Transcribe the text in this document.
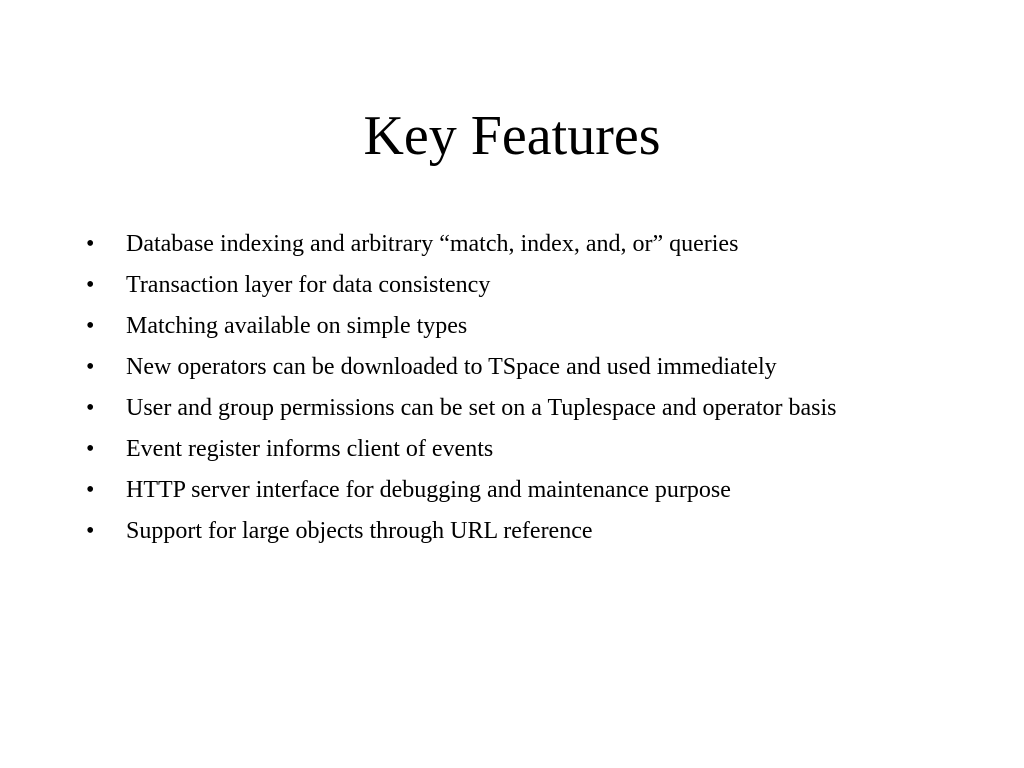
Key Features
•	Database indexing and arbitrary “match, index, and, or” queries
•	Transaction layer for data consistency
•	Matching available on simple types
•	New operators can be downloaded to TSpace and used immediately
•	User and group permissions can be set on a Tuplespace and operator basis
•	Event register informs client of events
•	HTTP server interface for debugging and maintenance purpose
•	Support for large objects through URL reference
